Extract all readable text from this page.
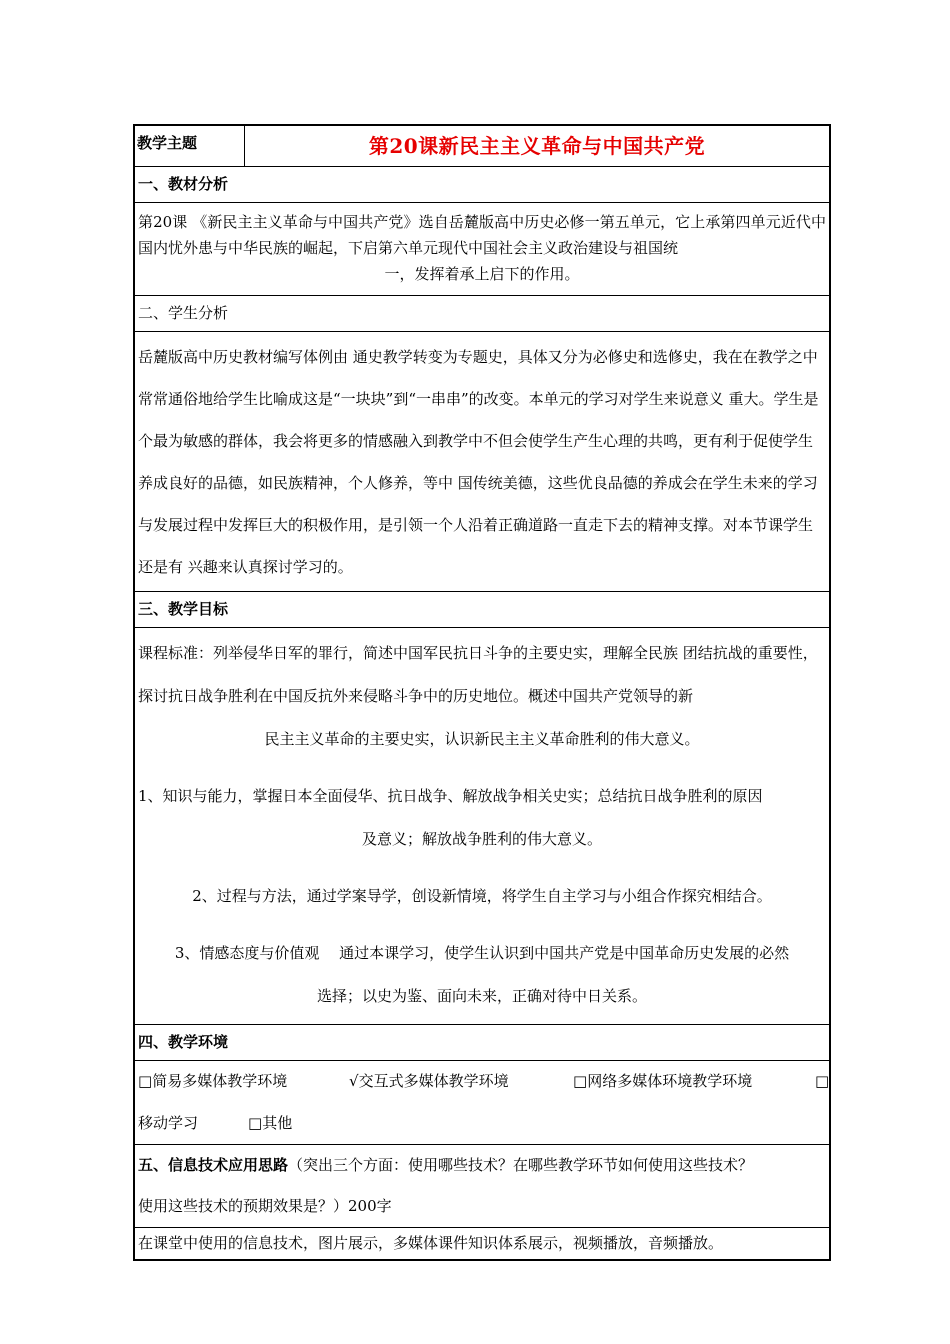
教学主题	第20课新民主主义革命与中国共产党
一、教材分析
第20课 《新民主主义革命与中国共产党》选自岳麓版高中历史必修一第五单元，它上承第四单元近代中国内忧外患与中华民族的崛起，下启第六单元现代中国社会主义政治建设与祖国统
一，发挥着承上启下的作用。
二、学生分析
岳麓版高中历史教材编写体例由 通史教学转变为专题史，具体又分为必修史和选修史，我在在教学之中常常通俗地给学生比喻成这是“一块块”到“一串串”的改变。本单元的学习对学生来说意义 重大。学生是个最为敏感的群体，我会将更多的情感融入到教学中不但会使学生产生心理的共鸣，更有利于促使学生养成良好的品德，如民族精神，个人修养，等中 国传统美德，这些优良品德的养成会在学生未来的学习与发展过程中发挥巨大的积极作用，是引领一个人沿着正确道路一直走下去的精神支撑。对本节课学生还是有 兴趣来认真探讨学习的。
三、教学目标
课程标准：列举侵华日军的罪行，简述中国军民抗日斗争的主要史实，理解全民族 团结抗战的重要性，探讨抗日战争胜利在中国反抗外来侵略斗争中的历史地位。概述中国共产党领导的新
民主主义革命的主要史实，认识新民主主义革命胜利的伟大意义。
1、知识与能力，掌握日本全面侵华、抗日战争、解放战争相关史实；总结抗日战争胜利的原因
及意义；解放战争胜利的伟大意义。
2、过程与方法，通过学案导学，创设新情境，将学生自主学习与小组合作探究相结合。
3、情感态度与价值观　 通过本课学习，使学生认识到中国共产党是中国革命历史发展的必然
选择；以史为鉴、面向未来，正确对待中日关系。
四、教学环境
□简易多媒体教学环境	√交互式多媒体教学环境	□网络多媒体环境教学环境	□
移动学习	□其他
五、信息技术应用思路（突出三个方面：使用哪些技术？在哪些教学环节如何使用这些技术？
使用这些技术的预期效果是？）200字
在课堂中使用的信息技术，图片展示，多媒体课件知识体系展示，视频播放，音频播放。
